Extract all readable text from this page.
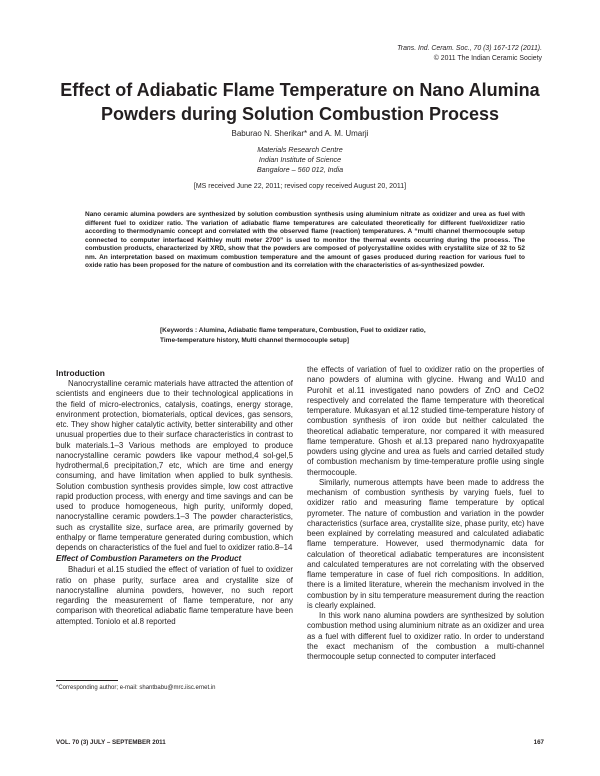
Trans. Ind. Ceram. Soc., 70 (3) 167-172 (2011).
© 2011 The Indian Ceramic Society
Effect of Adiabatic Flame Temperature on Nano Alumina
Powders during Solution Combustion Process
Baburao N. Sherikar* and A. M. Umarji
Materials Research Centre
Indian Institute of Science
Bangalore – 560 012, India
[MS received June 22, 2011; revised copy received August 20, 2011]
Nano ceramic alumina powders are synthesized by solution combustion synthesis using aluminium nitrate as oxidizer and urea as fuel with different fuel to oxidizer ratio. The variation of adiabatic flame temperatures are calculated theoretically for different fuel/oxidizer ratio according to thermodynamic concept and correlated with the observed flame (reaction) temperatures. A “multi channel thermocouple setup connected to computer interfaced Keithley multi meter 2700” is used to monitor the thermal events occurring during the process. The combustion products, characterized by XRD, show that the powders are composed of polycrystalline oxides with crystallite size of 32 to 52 nm. An interpretation based on maximum combustion temperature and the amount of gases produced during reaction for various fuel to oxide ratio has been proposed for the nature of combustion and its correlation with the characteristics of as-synthesized powder.
[Keywords : Alumina, Adiabatic flame temperature, Combustion, Fuel to oxidizer ratio,
Time-temperature history, Multi channel thermocouple setup]
Introduction

Nanocrystalline ceramic materials have attracted the attention of scientists and engineers due to their technological applications in the field of micro-electronics, catalysis, coatings, energy storage, environment protection, biomaterials, optical devices, gas sensors, etc. They show higher catalytic activity, better sinterability and other unusual properties due to their surface characteristics in contrast to bulk materials.1–3 Various methods are employed to produce nanocrystalline ceramic powders like vapour method,4 sol-gel,5 hydrothermal,6 precipitation,7 etc, which are time and energy consuming, and have limitation when applied to bulk synthesis. Solution combustion synthesis provides simple, low cost attractive rapid production process, with energy and time savings and can be used to produce homogeneous, high purity, uniformly doped, nanocrystalline ceramic powders.1–3 The powder characteristics, such as crystallite size, surface area, are primarily governed by enthalpy or flame temperature generated during combustion, which depends on characteristics of the fuel and fuel to oxidizer ratio.8–14

Effect of Combustion Parameters on the Product

Bhaduri et al.15 studied the effect of variation of fuel to oxidizer ratio on phase purity, surface area and crystallite size of nanocrystalline alumina powders, however, no such report regarding the measurement of flame temperature, nor any comparison with theoretical adiabatic flame temperature have been attempted. Toniolo et al.8 reported

the effects of variation of fuel to oxidizer ratio on the properties of nano powders of alumina with glycine. Hwang and Wu10 and Purohit et al.11 investigated nano powders of ZnO and CeO2 respectively and correlated the flame temperature with theoretical temperature. Mukasyan et al.12 studied time-temperature history of combustion synthesis of iron oxide but neither calculated the theoretical adiabatic temperature, nor compared it with measured flame temperature. Ghosh et al.13 prepared nano hydroxyapatite powders using glycine and urea as fuels and carried detailed study of combustion mechanism by time-temperature profile using single thermocouple.

Similarly, numerous attempts have been made to address the mechanism of combustion synthesis by varying fuels, fuel to oxidizer ratio and measuring flame temperature by optical pyrometer. The nature of combustion and variation in the powder characteristics (surface area, crystallite size, phase purity, etc) have been explained by correlating measured and calculated adiabatic flame temperature. However, used thermodynamic data for calculation of theoretical adiabatic temperatures are inconsistent and calculated temperatures are not correlating with the observed flame temperature in case of fuel rich compositions. In addition, there is a limited literature, wherein the mechanism involved in the combustion by in situ temperature measurement during the reaction is clearly explained.

In this work nano alumina powders are synthesized by solution combustion method using aluminium nitrate as an oxidizer and urea as a fuel with different fuel to oxidizer ratio. In order to understand the exact mechanism of the combustion a multi-channel thermocouple setup connected to computer interfaced

*Corresponding author; e-mail: shantbabu@mrc.iisc.ernet.in
VOL. 70 (3) JULY – SEPTEMBER 2011	167
